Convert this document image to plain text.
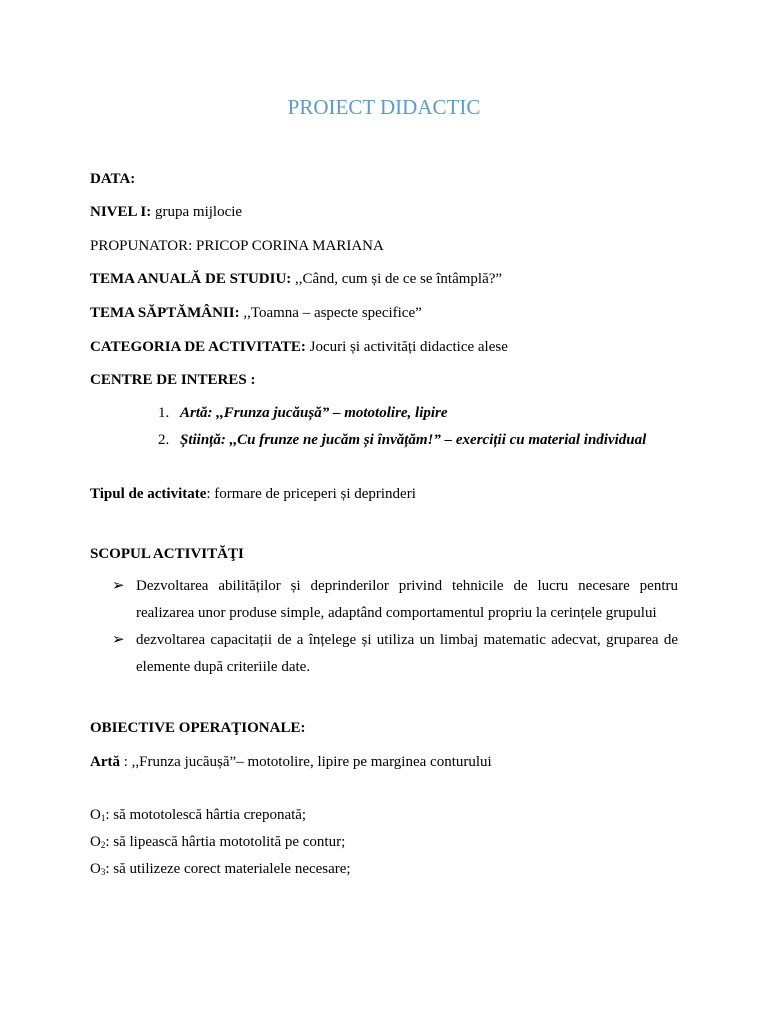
PROIECT DIDACTIC
DATA:
NIVEL I: grupa mijlocie
PROPUNATOR: PRICOP CORINA MARIANA
TEMA ANUALĂ DE STUDIU: ,,Când, cum și de ce se întâmplă?”
TEMA SĂPTĂMÂNII: ,,Toamna – aspecte specifice”
CATEGORIA DE ACTIVITATE: Jocuri și activități didactice alese
CENTRE DE INTERES :
1. Artă: ,,Frunza jucăușă” – mototolire, lipire
2. Știință: ,,Cu frunze ne jucăm și învățăm!” – exerciții cu material individual
Tipul de activitate: formare de priceperi și deprinderi
SCOPUL ACTIVITĂŢI
➢ Dezvoltarea abilităților și deprinderilor privind tehnicile de lucru necesare pentru realizarea unor produse simple, adaptând comportamentul propriu la cerințele grupului
➢ dezvoltarea capacitații de a înțelege și utiliza un limbaj matematic adecvat, gruparea de elemente după criteriile date.
OBIECTIVE OPERAŢIONALE:
Artă : ,,Frunza jucăușă”– mototolire, lipire pe marginea conturului
$O_1$: să mototolescă hârtia creponată;
$O_2$: să lipească hârtia mototolită pe contur;
$O_3$: să utilizeze corect materialele necesare;
